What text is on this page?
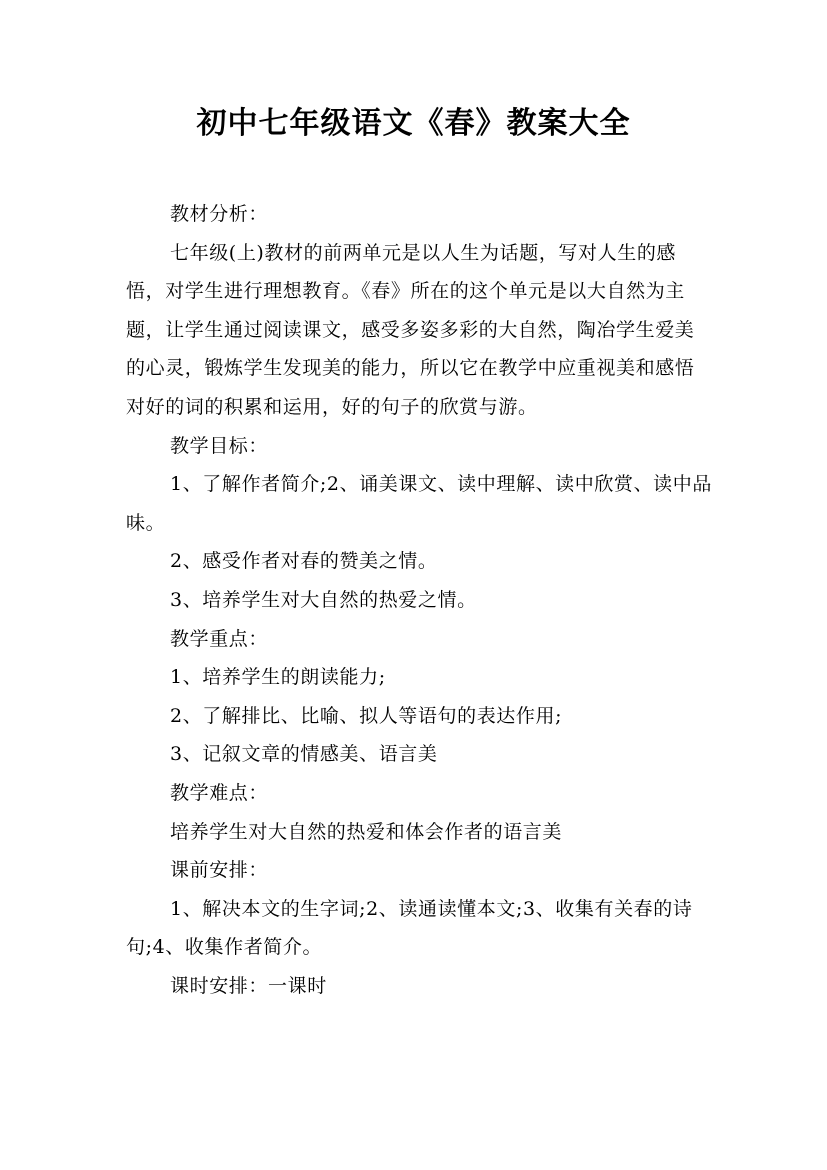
初中七年级语文《春》教案大全

教材分析：

七年级(上)教材的前两单元是以人生为话题，写对人生的感悟，对学生进行理想教育。《春》所在的这个单元是以大自然为主题，让学生通过阅读课文，感受多姿多彩的大自然，陶冶学生爱美的心灵，锻炼学生发现美的能力，所以它在教学中应重视美和感悟对好的词的积累和运用，好的句子的欣赏与游。

教学目标：

1、了解作者简介;2、诵美课文、读中理解、读中欣赏、读中品味。

2、感受作者对春的赞美之情。

3、培养学生对大自然的热爱之情。

教学重点：

1、培养学生的朗读能力;

2、了解排比、比喻、拟人等语句的表达作用;

3、记叙文章的情感美、语言美

教学难点：

培养学生对大自然的热爱和体会作者的语言美

课前安排：

1、解决本文的生字词;2、读通读懂本文;3、收集有关春的诗句;4、收集作者简介。

课时安排：一课时
